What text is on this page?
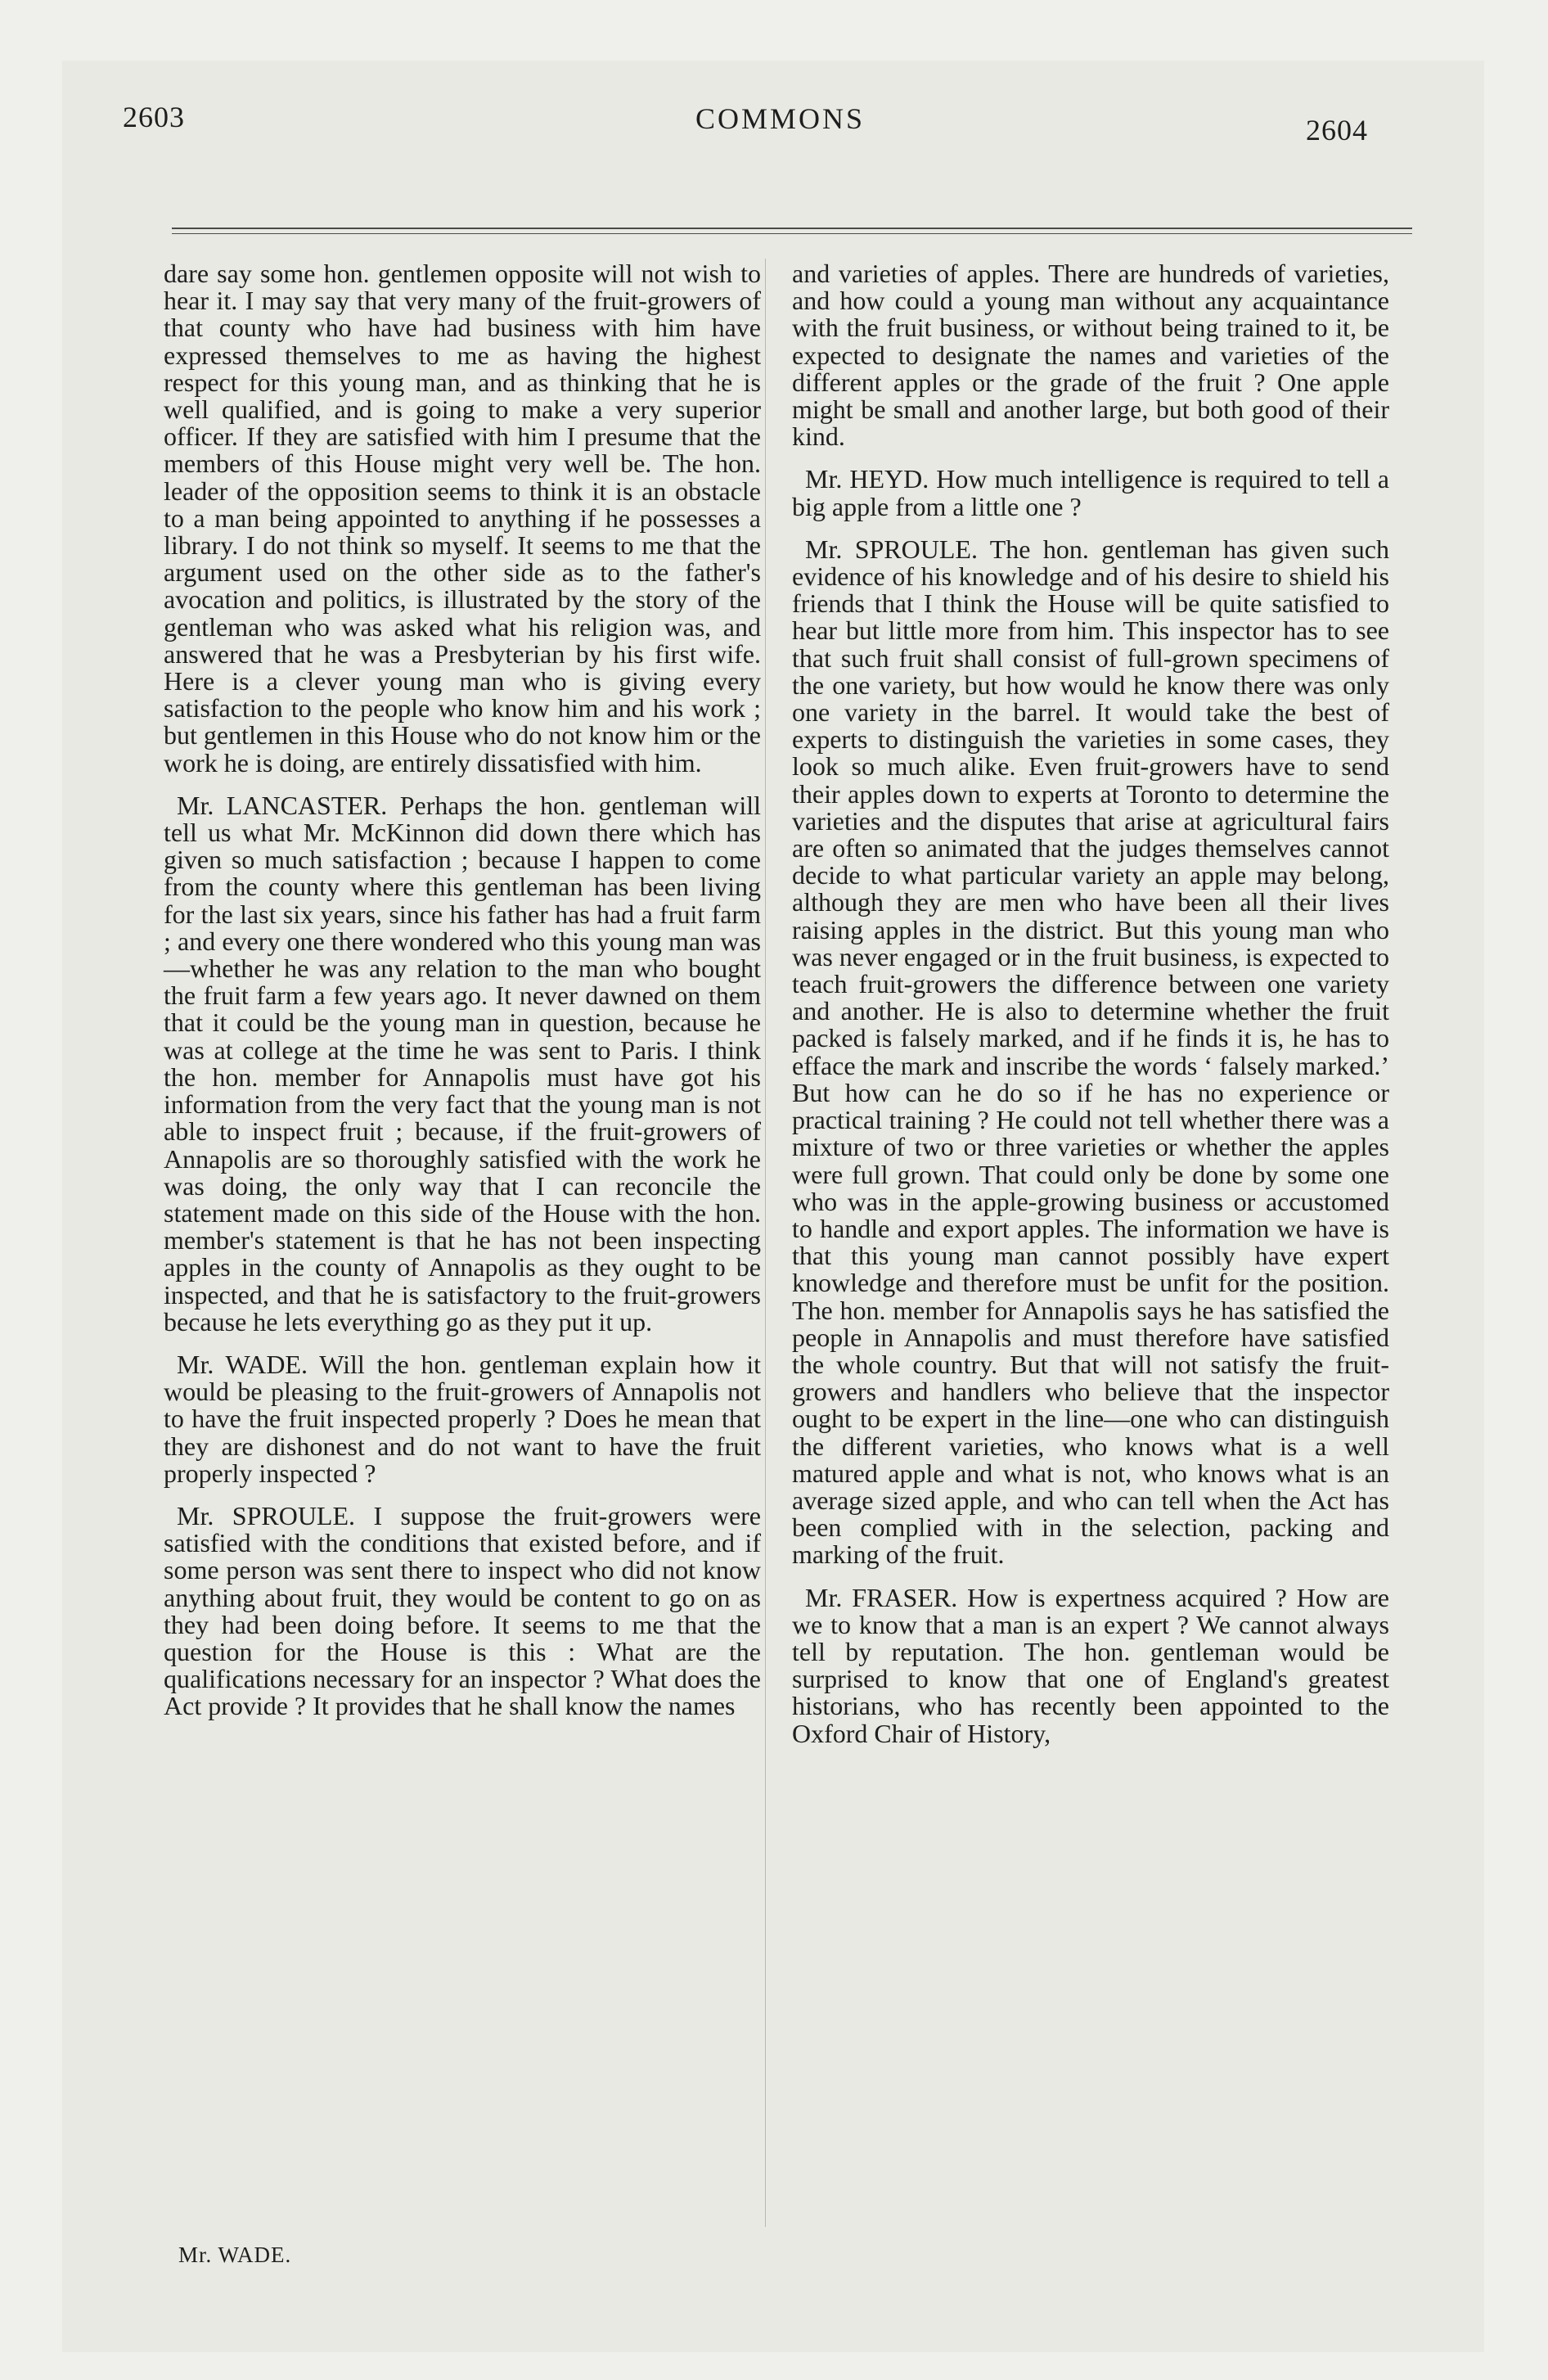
2603	COMMONS	2604

dare say some hon. gentlemen opposite will not wish to hear it. I may say that very many of the fruit-growers of that county who have had business with him have expressed themselves to me as having the highest respect for this young man, and as thinking that he is well qualified, and is going to make a very superior officer. If they are satisfied with him I presume that the members of this House might very well be. The hon. leader of the opposition seems to think it is an obstacle to a man being appointed to anything if he possesses a library. I do not think so myself. It seems to me that the argument used on the other side as to the father's avocation and politics, is illustrated by the story of the gentleman who was asked what his religion was, and answered that he was a Presbyterian by his first wife. Here is a clever young man who is giving every satisfaction to the people who know him and his work ; but gentlemen in this House who do not know him or the work he is doing, are entirely dissatisfied with him.

Mr. LANCASTER. Perhaps the hon. gentleman will tell us what Mr. McKinnon did down there which has given so much satisfaction ; because I happen to come from the county where this gentleman has been living for the last six years, since his father has had a fruit farm ; and every one there wondered who this young man was—whether he was any relation to the man who bought the fruit farm a few years ago. It never dawned on them that it could be the young man in question, because he was at college at the time he was sent to Paris. I think the hon. member for Annapolis must have got his information from the very fact that the young man is not able to inspect fruit ; because, if the fruit-growers of Annapolis are so thoroughly satisfied with the work he was doing, the only way that I can reconcile the statement made on this side of the House with the hon. member's statement is that he has not been inspecting apples in the county of Annapolis as they ought to be inspected, and that he is satisfactory to the fruit-growers because he lets everything go as they put it up.

Mr. WADE. Will the hon. gentleman explain how it would be pleasing to the fruit-growers of Annapolis not to have the fruit inspected properly ? Does he mean that they are dishonest and do not want to have the fruit properly inspected ?

Mr. SPROULE. I suppose the fruit-growers were satisfied with the conditions that existed before, and if some person was sent there to inspect who did not know anything about fruit, they would be content to go on as they had been doing before. It seems to me that the question for the House is this : What are the qualifications necessary for an inspector ? What does the Act provide ? It provides that he shall know the names

and varieties of apples. There are hundreds of varieties, and how could a young man without any acquaintance with the fruit business, or without being trained to it, be expected to designate the names and varieties of the different apples or the grade of the fruit ? One apple might be small and another large, but both good of their kind.

Mr. HEYD. How much intelligence is required to tell a big apple from a little one ?

Mr. SPROULE. The hon. gentleman has given such evidence of his knowledge and of his desire to shield his friends that I think the House will be quite satisfied to hear but little more from him. This inspector has to see that such fruit shall consist of full-grown specimens of the one variety, but how would he know there was only one variety in the barrel. It would take the best of experts to distinguish the varieties in some cases, they look so much alike. Even fruit-growers have to send their apples down to experts at Toronto to determine the varieties and the disputes that arise at agricultural fairs are often so animated that the judges themselves cannot decide to what particular variety an apple may belong, although they are men who have been all their lives raising apples in the district. But this young man who was never engaged or in the fruit business, is expected to teach fruit-growers the difference between one variety and another. He is also to determine whether the fruit packed is falsely marked, and if he finds it is, he has to efface the mark and inscribe the words ‘ falsely marked.’ But how can he do so if he has no experience or practical training ? He could not tell whether there was a mixture of two or three varieties or whether the apples were full grown. That could only be done by some one who was in the apple-growing business or accustomed to handle and export apples. The information we have is that this young man cannot possibly have expert knowledge and therefore must be unfit for the position. The hon. member for Annapolis says he has satisfied the people in Annapolis and must therefore have satisfied the whole country. But that will not satisfy the fruit-growers and handlers who believe that the inspector ought to be expert in the line—one who can distinguish the different varieties, who knows what is a well matured apple and what is not, who knows what is an average sized apple, and who can tell when the Act has been complied with in the selection, packing and marking of the fruit.

Mr. FRASER. How is expertness acquired ? How are we to know that a man is an expert ? We cannot always tell by reputation. The hon. gentleman would be surprised to know that one of England's greatest historians, who has recently been appointed to the Oxford Chair of History,

Mr. WADE.
